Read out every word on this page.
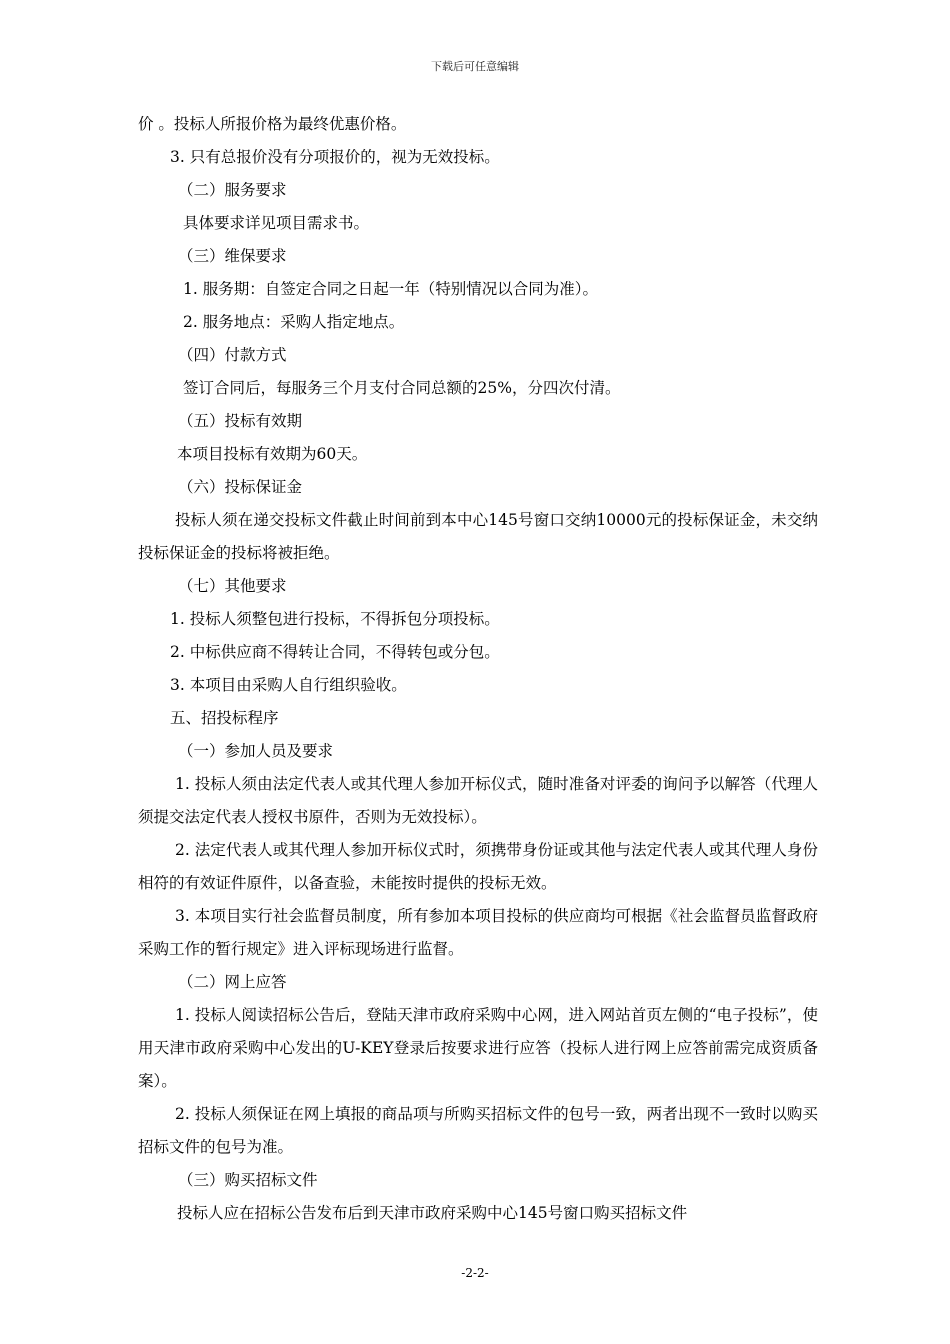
下载后可任意编辑
价 。投标人所报价格为最终优惠价格。
3. 只有总报价没有分项报价的，视为无效投标。
（二）服务要求
具体要求详见项目需求书。
（三）维保要求
1. 服务期：自签定合同之日起一年（特别情况以合同为准）。
2. 服务地点：采购人指定地点。
（四）付款方式
签订合同后，每服务三个月支付合同总额的25%，分四次付清。
（五）投标有效期
本项目投标有效期为60天。
（六）投标保证金
投标人须在递交投标文件截止时间前到本中心145号窗口交纳10000元的投标保证金，未交纳投标保证金的投标将被拒绝。
（七）其他要求
1. 投标人须整包进行投标，不得拆包分项投标。
2. 中标供应商不得转让合同，不得转包或分包。
3. 本项目由采购人自行组织验收。
五、招投标程序
（一）参加人员及要求
1. 投标人须由法定代表人或其代理人参加开标仪式，随时准备对评委的询问予以解答（代理人须提交法定代表人授权书原件，否则为无效投标）。
2. 法定代表人或其代理人参加开标仪式时，须携带身份证或其他与法定代表人或其代理人身份相符的有效证件原件，以备查验，未能按时提供的投标无效。
3. 本项目实行社会监督员制度，所有参加本项目投标的供应商均可根据《社会监督员监督政府采购工作的暂行规定》进入评标现场进行监督。
（二）网上应答
1. 投标人阅读招标公告后，登陆天津市政府采购中心网，进入网站首页左侧的“电子投标”，使用天津市政府采购中心发出的U-KEY登录后按要求进行应答（投标人进行网上应答前需完成资质备案）。
2. 投标人须保证在网上填报的商品项与所购买招标文件的包号一致，两者出现不一致时以购买招标文件的包号为准。
（三）购买招标文件
投标人应在招标公告发布后到天津市政府采购中心145号窗口购买招标文件
-2-2-
